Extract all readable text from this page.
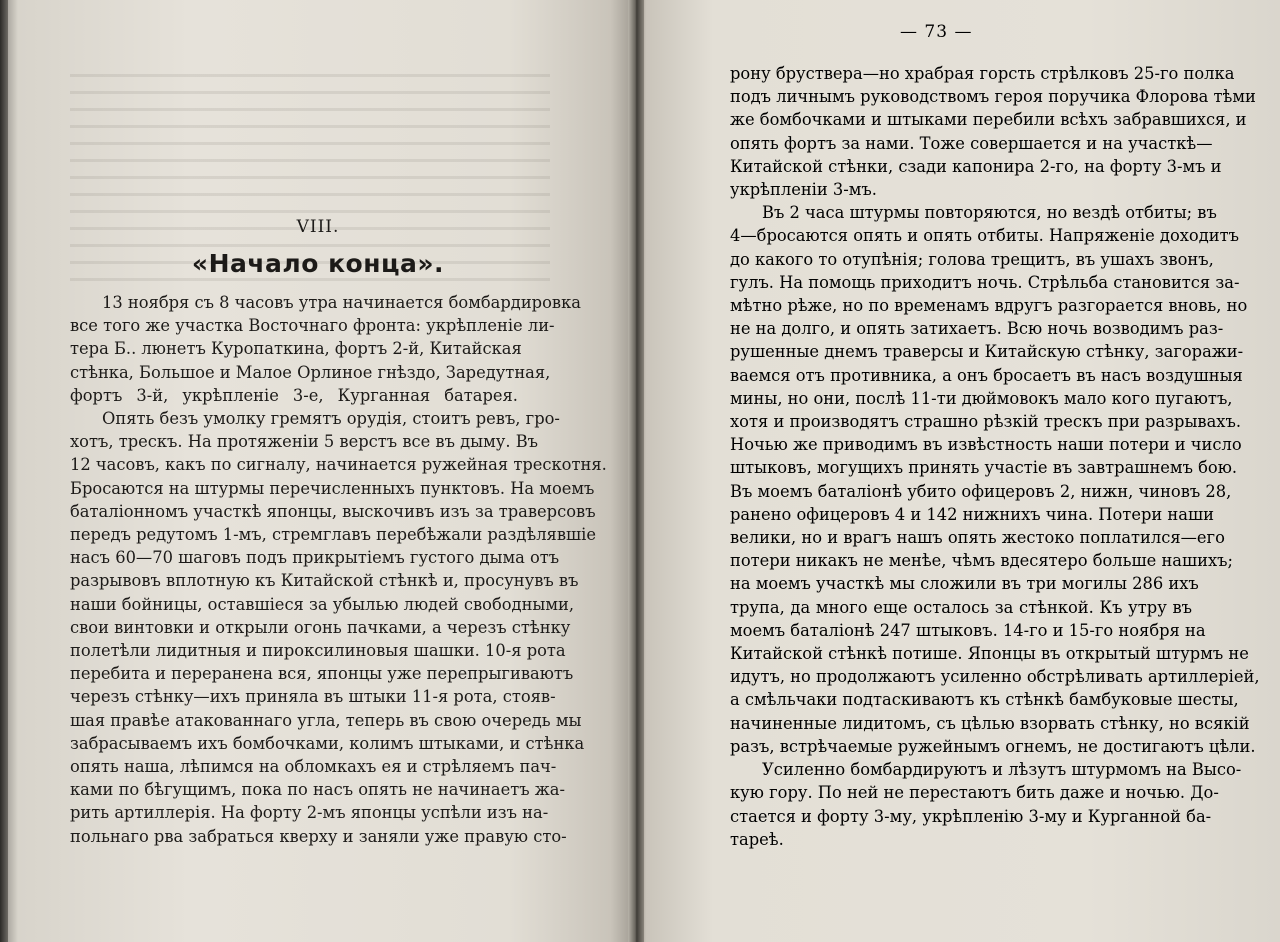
VIII.
«Начало конца».
13 ноября съ 8 часовъ утра начинается бомбардировка
все того же участка Восточнаго фронта: укрѣпленіе ли-
тера Б.. люнетъ Куропаткина, фортъ 2-й, Китайская
стѣнка, Большое и Малое Орлиное гнѣздо, Заредутная,
фортъ 3-й, укрѣпленіе 3-е, Курганная батарея.
Опять безъ умолку гремятъ орудія, стоитъ ревъ, гро-
хотъ, трескъ. На протяженіи 5 верстъ все въ дыму. Въ
12 часовъ, какъ по сигналу, начинается ружейная трескотня.
Бросаются на штурмы перечисленныхъ пунктовъ. На моемъ
баталіонномъ участкѣ японцы, выскочивъ изъ за траверсовъ
передъ редутомъ 1-мъ, стремглавъ перебѣжали раздѣлявшіе
насъ 60—70 шаговъ подъ прикрытіемъ густого дыма отъ
разрывовъ вплотную къ Китайской стѣнкѣ и, просунувъ въ
наши бойницы, оставшіеся за убылью людей свободными,
свои винтовки и открыли огонь пачками, а черезъ стѣнку
полетѣли лидитныя и пироксилиновыя шашки. 10-я рота
перебита и переранена вся, японцы уже перепрыгиваютъ
черезъ стѣнку—ихъ приняла въ штыки 11-я рота, стояв-
шая правѣе атакованнаго угла, теперь въ свою очередь мы
забрасываемъ ихъ бомбочками, колимъ штыками, и стѣнка
опять наша, лѣпимся на обломкахъ ея и стрѣляемъ пач-
ками по бѣгущимъ, пока по насъ опять не начинаетъ жа-
рить артиллерія. На форту 2-мъ японцы успѣли изъ на-
польнаго рва забраться кверху и заняли уже правую сто-
— 73 —
рону бруствера—но храбрая горсть стрѣлковъ 25-го полка
подъ личнымъ руководствомъ героя поручика Флорова тѣми
же бомбочками и штыками перебили всѣхъ забравшихся, и
опять фортъ за нами. Тоже совершается и на участкѣ—
Китайской стѣнки, сзади капонира 2-го, на форту 3-мъ и
укрѣпленіи 3-мъ.
Въ 2 часа штурмы повторяются, но вездѣ отбиты; въ
4—бросаются опять и опять отбиты. Напряженіе доходитъ
до какого то отупѣнія; голова трещитъ, въ ушахъ звонъ,
гулъ. На помощь приходитъ ночь. Стрѣльба становится за-
мѣтно рѣже, но по временамъ вдругъ разгорается вновь, но
не на долго, и опять затихаетъ. Всю ночь возводимъ раз-
рушенные днемъ траверсы и Китайскую стѣнку, загоражи-
ваемся отъ противника, а онъ бросаетъ въ насъ воздушныя
мины, но они, послѣ 11-ти дюймовокъ мало кого пугаютъ,
хотя и производятъ страшно рѣзкій трескъ при разрывахъ.
Ночью же приводимъ въ извѣстность наши потери и число
штыковъ, могущихъ принять участіе въ завтрашнемъ бою.
Въ моемъ баталіонѣ убито офицеровъ 2, нижн, чиновъ 28,
ранено офицеровъ 4 и 142 нижнихъ чина. Потери наши
велики, но и врагъ нашъ опять жестоко поплатился—его
потери никакъ не менѣе, чѣмъ вдесятеро больше нашихъ;
на моемъ участкѣ мы сложили въ три могилы 286 ихъ
трупа, да много еще осталось за стѣнкой. Къ утру въ
моемъ баталіонѣ 247 штыковъ. 14-го и 15-го ноября на
Китайской стѣнкѣ потише. Японцы въ открытый штурмъ не
идутъ, но продолжаютъ усиленно обстрѣливать артиллеріей,
а смѣльчаки подтаскиваютъ къ стѣнкѣ бамбуковые шесты,
начиненные лидитомъ, съ цѣлью взорвать стѣнку, но всякій
разъ, встрѣчаемые ружейнымъ огнемъ, не достигаютъ цѣли.
Усиленно бомбардируютъ и лѣзутъ штурмомъ на Высо-
кую гору. По ней не перестаютъ бить даже и ночью. До-
стается и форту 3-му, укрѣпленію 3-му и Курганной ба-
тареѣ.
